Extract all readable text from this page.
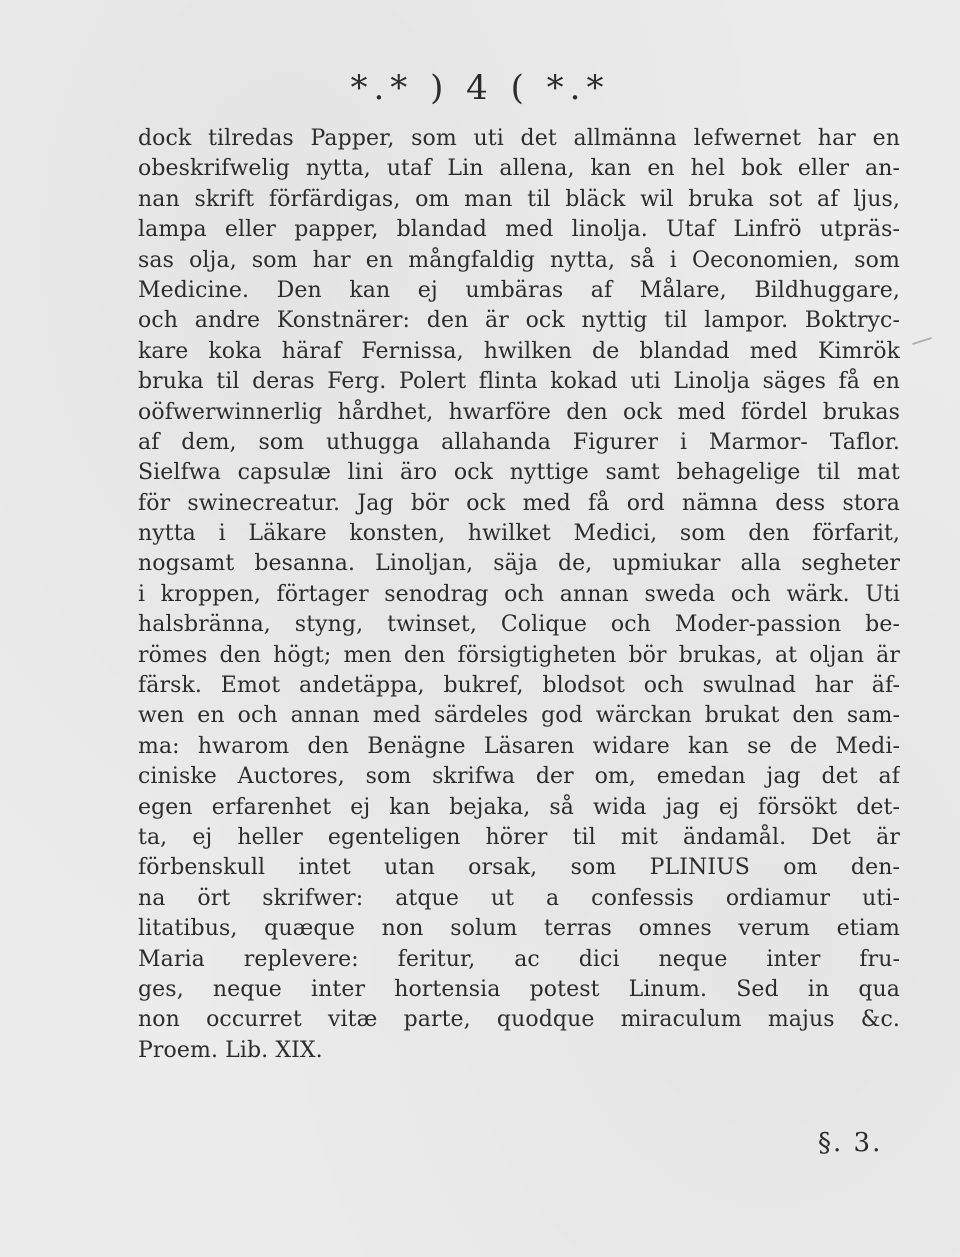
*.* ) 4 ( *.*
dock tilredas Papper, som uti det allmänna lefwernet har en
obeskrifwelig nytta, utaf Lin allena, kan en hel bok eller an-
nan skrift förfärdigas, om man til bläck wil bruka sot af ljus,
lampa eller papper, blandad med linolja. Utaf Linfrö utpräs-
sas olja, som har en mångfaldig nytta, så i Oeconomien, som
Medicine. Den kan ej umbäras af Målare, Bildhuggare,
och andre Konstnärer: den är ock nyttig til lampor. Boktryc-
kare koka häraf Fernissa, hwilken de blandad med Kimrök
bruka til deras Ferg. Polert flinta kokad uti Linolja säges få en
oöfwerwinnerlig hårdhet, hwarföre den ock med fördel brukas
af dem, som uthugga allahanda Figurer i Marmor- Taflor.
Sielfwa capsulæ lini äro ock nyttige samt behagelige til mat
för swinecreatur. Jag bör ock med få ord nämna dess stora
nytta i Läkare konsten, hwilket Medici, som den förfarit,
nogsamt besanna. Linoljan, säja de, upmiukar alla segheter
i kroppen, förtager senodrag och annan sweda och wärk. Uti
halsbränna, styng, twinset, Colique och Moder-passion be-
römes den högt; men den försigtigheten bör brukas, at oljan är
färsk. Emot andetäppa, bukref, blodsot och swulnad har äf-
wen en och annan med särdeles god wärckan brukat den sam-
ma: hwarom den Benägne Läsaren widare kan se de Medi-
ciniske Auctores, som skrifwa der om, emedan jag det af
egen erfarenhet ej kan bejaka, så wida jag ej försökt det-
ta, ej heller egenteligen hörer til mit ändamål. Det är
förbenskull intet utan orsak, som PLINIUS om den-
na ört skrifwer: atque ut a confessis ordiamur uti-
litatibus, quæque non solum terras omnes verum etiam
Maria replevere: feritur, ac dici neque inter fru-
ges, neque inter hortensia potest Linum. Sed in qua
non occurret vitæ parte, quodque miraculum majus &c.
Proem. Lib. XIX.
§. 3.
